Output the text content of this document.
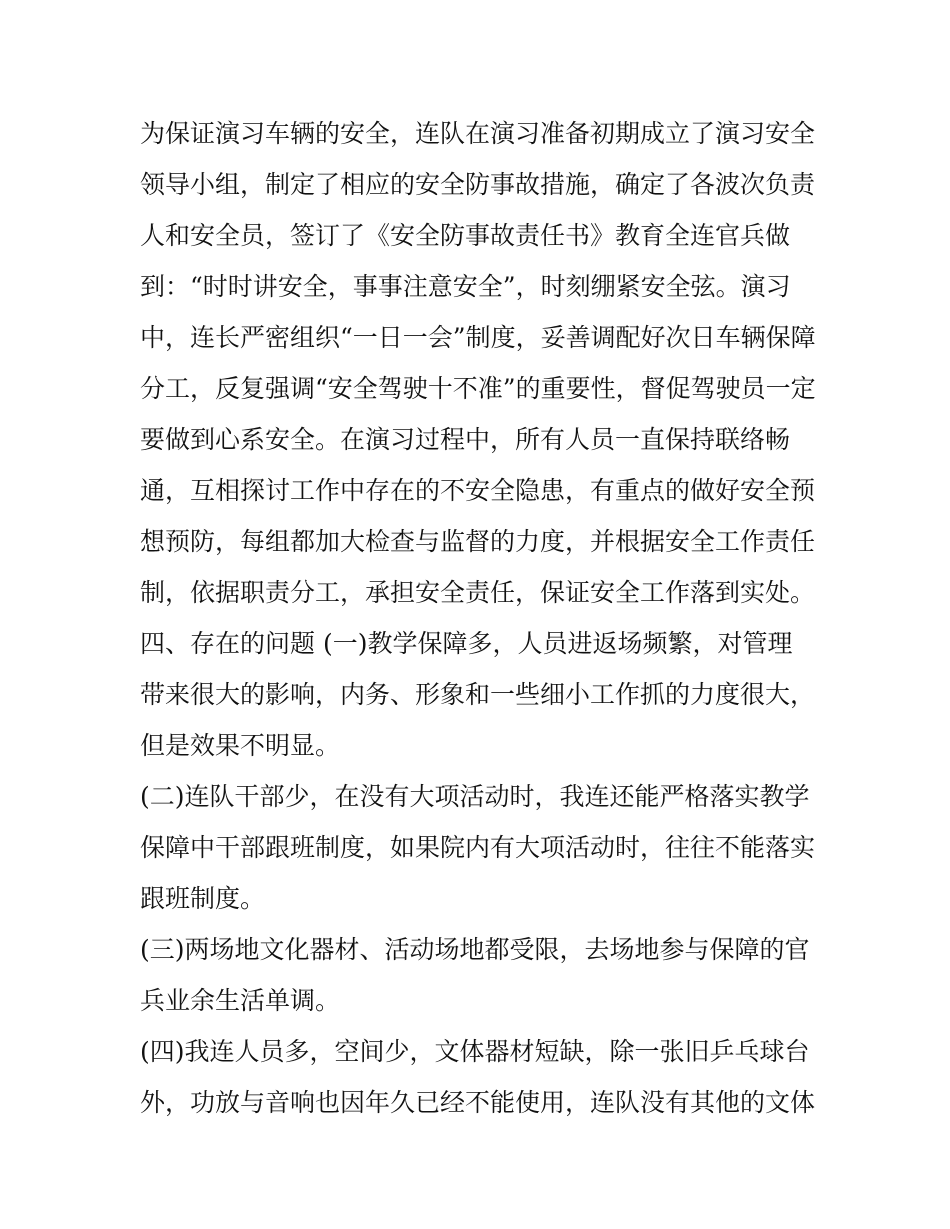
为保证演习车辆的安全，连队在演习准备初期成立了演习安全
领导小组，制定了相应的安全防事故措施，确定了各波次负责
人和安全员，签订了《安全防事故责任书》教育全连官兵做
到：“时时讲安全，事事注意安全”，时刻绷紧安全弦。演习
中，连长严密组织“一日一会”制度，妥善调配好次日车辆保障
分工，反复强调“安全驾驶十不准”的重要性，督促驾驶员一定
要做到心系安全。在演习过程中，所有人员一直保持联络畅
通，互相探讨工作中存在的不安全隐患，有重点的做好安全预
想预防，每组都加大检查与监督的力度，并根据安全工作责任
制，依据职责分工，承担安全责任，保证安全工作落到实处。
四、存在的问题 (一)教学保障多，人员进返场频繁，对管理
带来很大的影响，内务、形象和一些细小工作抓的力度很大，
但是效果不明显。
(二)连队干部少，在没有大项活动时，我连还能严格落实教学
保障中干部跟班制度，如果院内有大项活动时，往往不能落实
跟班制度。
(三)两场地文化器材、活动场地都受限，去场地参与保障的官
兵业余生活单调。
(四)我连人员多，空间少，文体器材短缺，除一张旧乒乓球台
外，功放与音响也因年久已经不能使用，连队没有其他的文体
